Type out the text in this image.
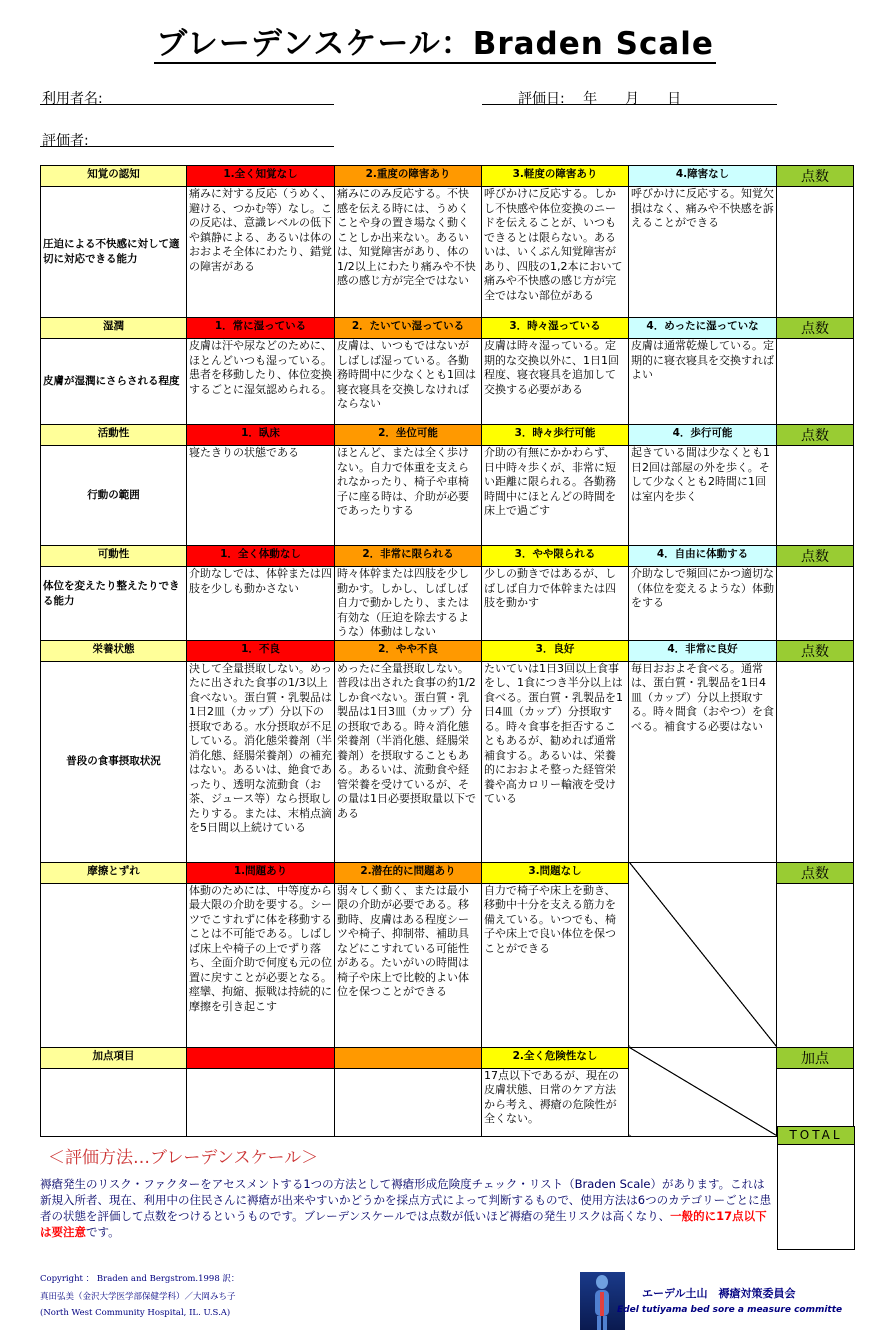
ブレーデンスケール：Braden Scale
利用者名:	評価日:　 年　　月　　日
評価者:
知覚の認知	1.全く知覚なし	2.重度の障害あり	3.軽度の障害あり	4.障害なし	点数
圧迫による不快感に対して適切に対応できる能力	痛みに対する反応（うめく、避ける、つかむ等）なし。この反応は、意識レベルの低下や鎮静による、あるいは体のおおよそ全体にわたり、錯覚の障害がある	痛みにのみ反応する。不快感を伝える時には、うめくことや身の置き場なく動くことしか出来ない。あるいは、知覚障害があり、体の1/2以上にわたり痛みや不快感の感じ方が完全ではない	呼びかけに反応する。しかし不快感や体位変換のニードを伝えることが、いつもできるとは限らない。あるいは、いくぶん知覚障害があり、四肢の1,2本において痛みや不快感の感じ方が完全ではない部位がある	呼びかけに反応する。知覚欠損はなく、痛みや不快感を訴えることができる	
湿潤	1．常に湿っている	2．たいてい湿っている	3．時々湿っている	4．めったに湿っていな	点数
皮膚が湿潤にさらされる程度	皮膚は汗や尿などのために、ほとんどいつも湿っている。患者を移動したり、体位変換するごとに湿気認められる。	皮膚は、いつもではないがしばしば湿っている。各勤務時間中に少なくとも1回は寝衣寝具を交換しなければならない	皮膚は時々湿っている。定期的な交換以外に、1日1回程度、寝衣寝具を追加して交換する必要がある	皮膚は通常乾燥している。定期的に寝衣寝具を交換すればよい	
活動性	1．臥床	2．坐位可能	3．時々歩行可能	4．歩行可能	点数
行動の範囲	寝たきりの状態である	ほとんど、または全く歩けない。自力で体重を支えられなかったり、椅子や車椅子に座る時は、介助が必要であったりする	介助の有無にかかわらず、日中時々歩くが、非常に短い距離に限られる。各勤務時間中にほとんどの時間を床上で過ごす	起きている間は少なくとも1日2回は部屋の外を歩く。そして少なくとも2時間に1回は室内を歩く	
可動性	1．全く体動なし	2．非常に限られる	3．やや限られる	4．自由に体動する	点数
体位を変えたり整えたりできる能力	介助なしでは、体幹または四肢を少しも動かさない	時々体幹または四肢を少し動かす。しかし、しばしば自力で動かしたり、または有効な（圧迫を除去するような）体動はしない	少しの動きではあるが、しばしば自力で体幹または四肢を動かす	介助なしで頻回にかつ適切な（体位を変えるような）体動をする	
栄養状態	1．不良	2．やや不良	3．良好	4．非常に良好	点数
普段の食事摂取状況	決して全量摂取しない。めったに出された食事の1/3以上食べない。蛋白質・乳製品は1日2皿（カップ）分以下の摂取である。水分摂取が不足している。消化態栄養剤（半消化態、経腸栄養剤）の補充はない。あるいは、絶食であったり、透明な流動食（お茶、ジュース等）なら摂取したりする。または、末梢点滴を5日間以上続けている	めったに全量摂取しない。普段は出された食事の約1/2しか食べない。蛋白質・乳製品は1日3皿（カップ）分の摂取である。時々消化態栄養剤（半消化態、経腸栄養剤）を摂取することもある。あるいは、流動食や経管栄養を受けているが、その量は1日必要摂取量以下である	たいていは1日3回以上食事をし、1食につき半分以上は食べる。蛋白質・乳製品を1日4皿（カップ）分摂取する。時々食事を拒否することもあるが、勧めれば通常補食する。あるいは、栄養的におおよそ整った経管栄養や高カロリー輸液を受けている	毎日おおよそ食べる。通常は、蛋白質・乳製品を1日4皿（カップ）分以上摂取する。時々間食（おやつ）を食べる。補食する必要はない	
摩擦とずれ	1.問題あり	2.潜在的に問題あり	3.問題なし		点数
	体動のためには、中等度から最大限の介助を要する。シーツでこすれずに体を移動することは不可能である。しばしば床上や椅子の上でずり落ち、全面介助で何度も元の位置に戻すことが必要となる。痙攣、拘縮、振戦は持続的に摩擦を引き起こす	弱々しく動く、または最小限の介助が必要である。移動時、皮膚はある程度シーツや椅子、抑制帯、補助具などにこすれている可能性がある。たいがいの時間は椅子や床上で比較的よい体位を保つことができる	自力で椅子や床上を動き、移動中十分を支える筋力を備えている。いつでも、椅子や床上で良い体位を保つことができる		
加点項目			2.全く危険性なし		加点
			17点以下であるが、現在の皮膚状態、日常のケア方法から考え、褥瘡の危険性が全くない。		
TOTAL
＜評価方法…ブレーデンスケール＞
褥瘡発生のリスク・ファクターをアセスメントする1つの方法として褥瘡形成危険度チェック・リスト（Braden Scale）があります。これは新規入所者、現在、利用中の住民さんに褥瘡が出来やすいかどうかを採点方式によって判断するもので、使用方法は6つのカテゴリーごとに患者の状態を評価して点数をつけるというものです。ブレーデンスケールでは点数が低いほど褥瘡の発生リスクは高くなり、一般的に17点以下は要注意です。
Copyright ： Braden and Bergstrom.1998 訳：
真田弘美（金沢大学医学部保健学科）／大岡みち子
(North West Community Hospital, IL. U.S.A)
エーデル土山　褥瘡対策委員会
Edel tutiyama bed sore a measure committe
